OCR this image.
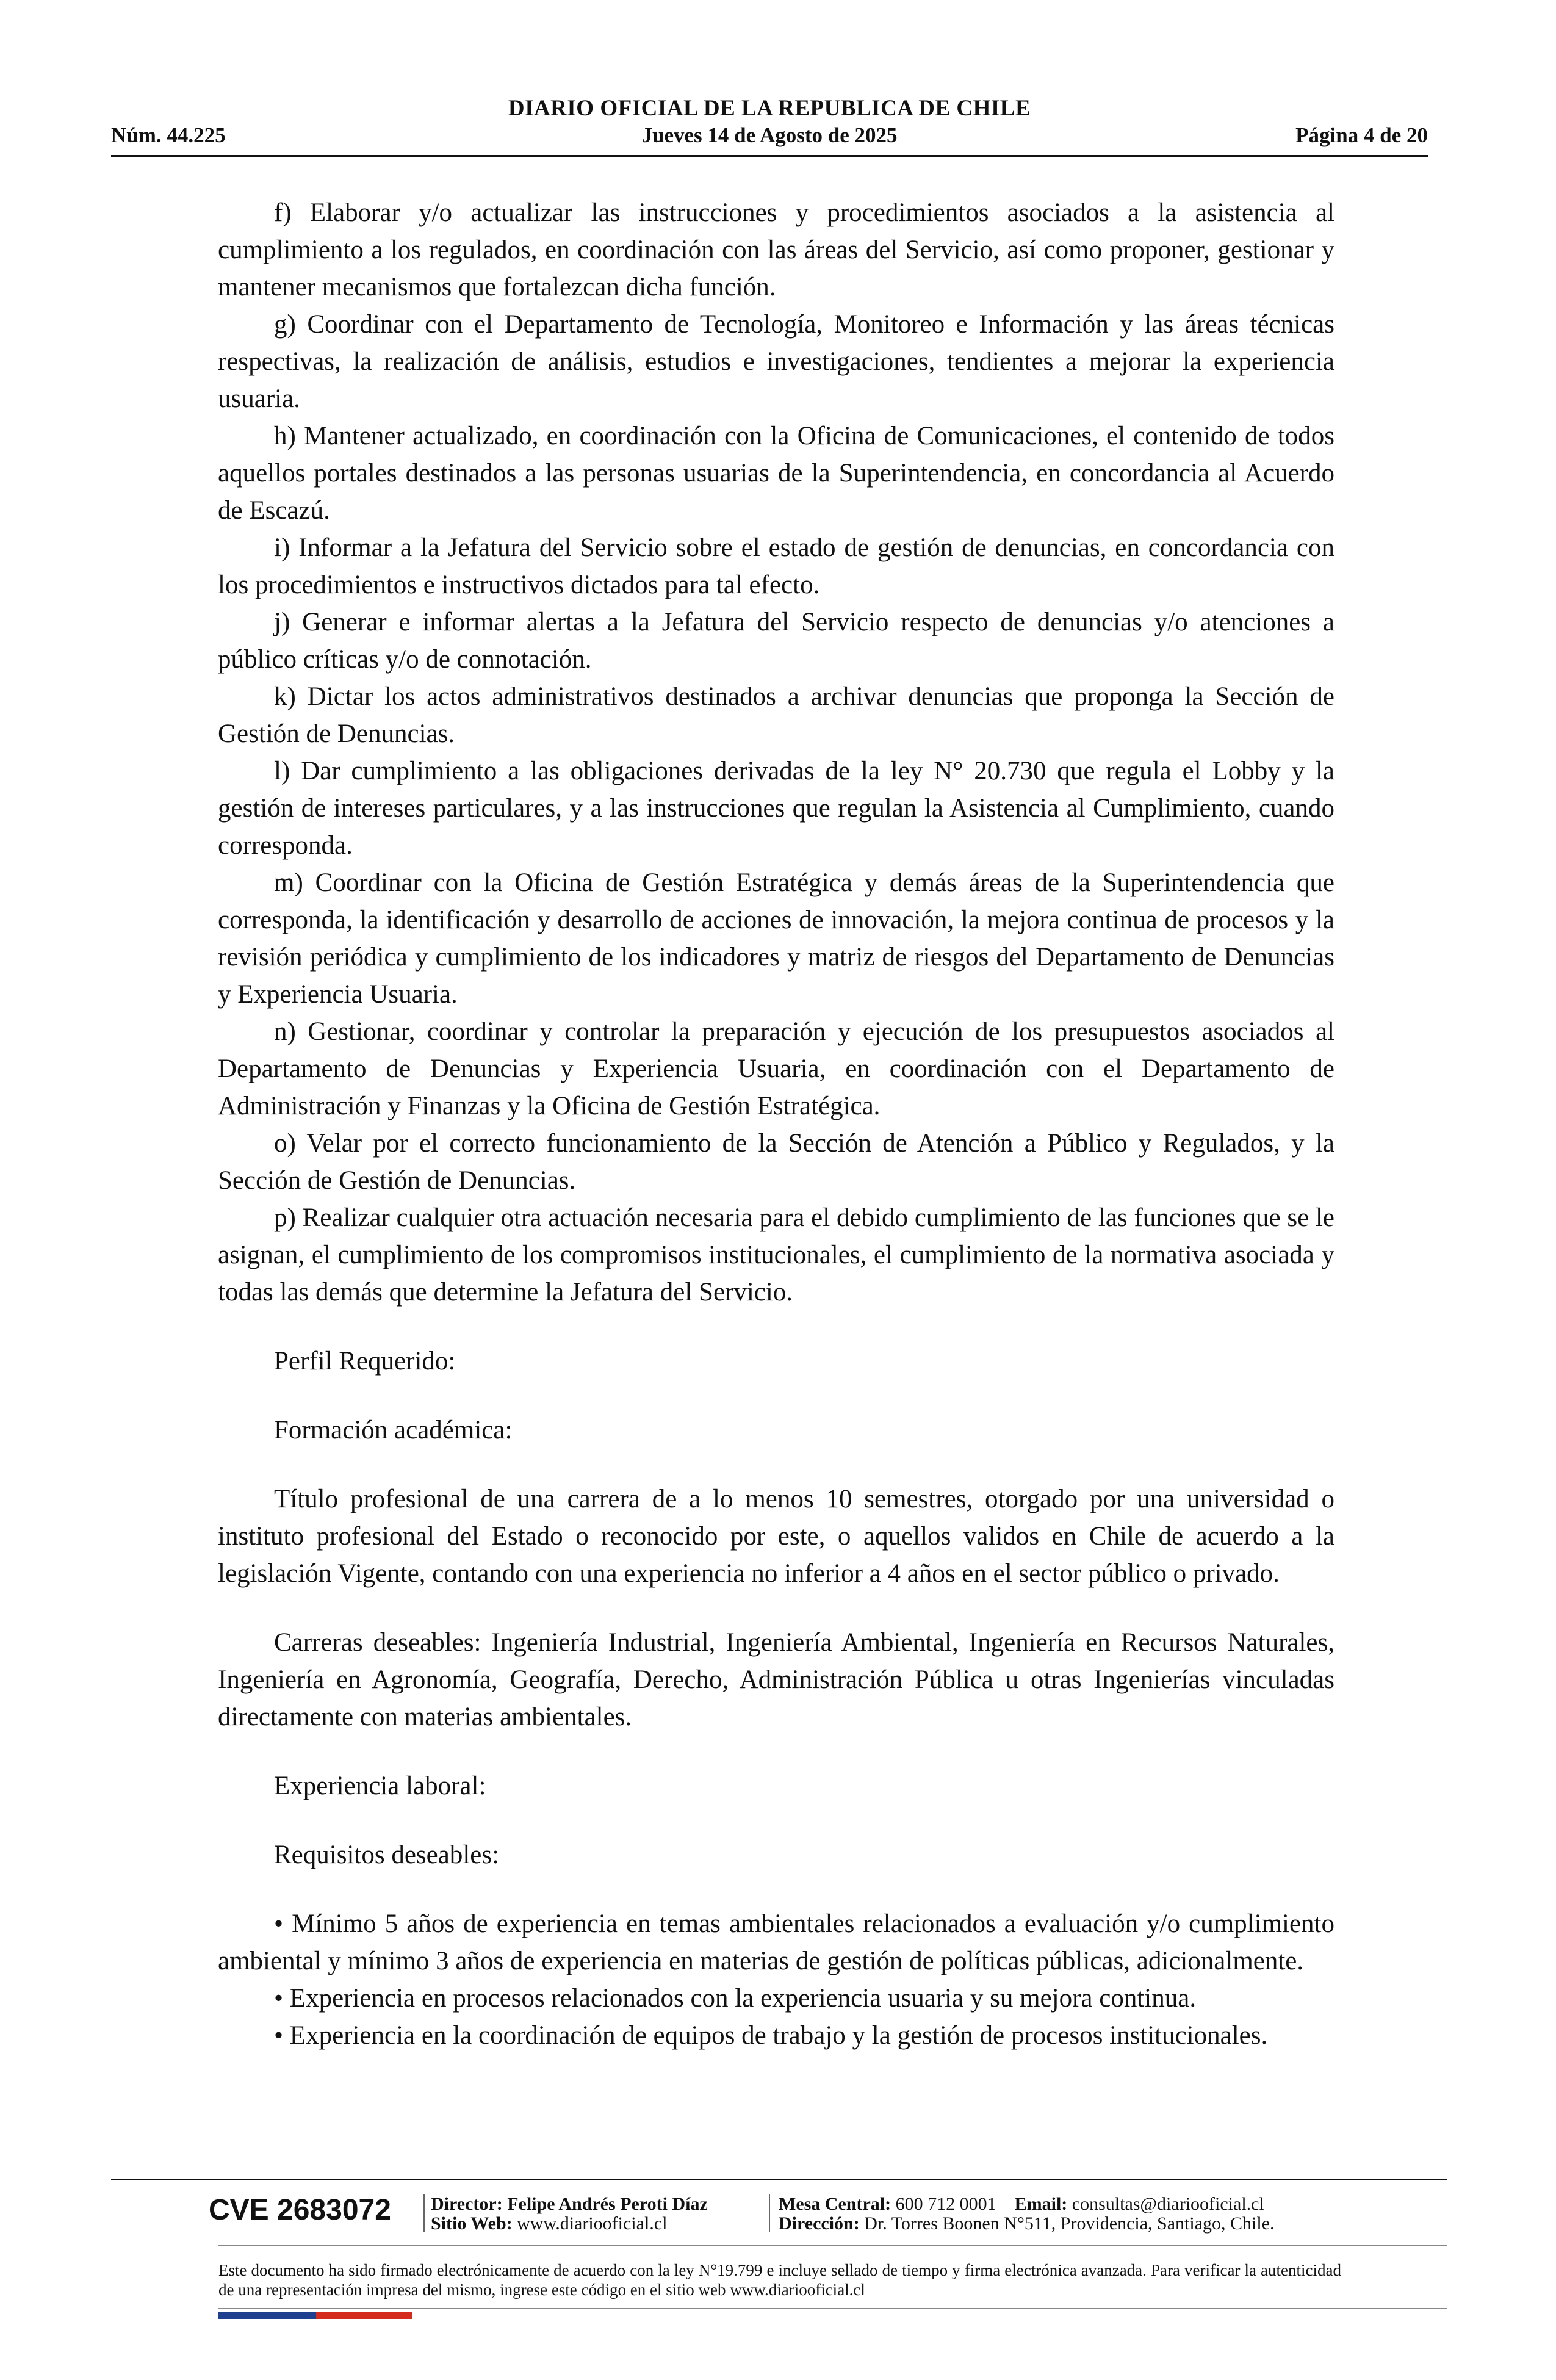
DIARIO OFICIAL DE LA REPUBLICA DE CHILE
Núm. 44.225	Jueves 14 de Agosto de 2025	Página 4 de 20

f) Elaborar y/o actualizar las instrucciones y procedimientos asociados a la asistencia al cumplimiento a los regulados, en coordinación con las áreas del Servicio, así como proponer, gestionar y mantener mecanismos que fortalezcan dicha función.

g) Coordinar con el Departamento de Tecnología, Monitoreo e Información y las áreas técnicas respectivas, la realización de análisis, estudios e investigaciones, tendientes a mejorar la experiencia usuaria.

h) Mantener actualizado, en coordinación con la Oficina de Comunicaciones, el contenido de todos aquellos portales destinados a las personas usuarias de la Superintendencia, en concordancia al Acuerdo de Escazú.

i) Informar a la Jefatura del Servicio sobre el estado de gestión de denuncias, en concordancia con los procedimientos e instructivos dictados para tal efecto.

j) Generar e informar alertas a la Jefatura del Servicio respecto de denuncias y/o atenciones a público críticas y/o de connotación.

k) Dictar los actos administrativos destinados a archivar denuncias que proponga la Sección de Gestión de Denuncias.

l) Dar cumplimiento a las obligaciones derivadas de la ley N° 20.730 que regula el Lobby y la gestión de intereses particulares, y a las instrucciones que regulan la Asistencia al Cumplimiento, cuando corresponda.

m) Coordinar con la Oficina de Gestión Estratégica y demás áreas de la Superintendencia que corresponda, la identificación y desarrollo de acciones de innovación, la mejora continua de procesos y la revisión periódica y cumplimiento de los indicadores y matriz de riesgos del Departamento de Denuncias y Experiencia Usuaria.

n) Gestionar, coordinar y controlar la preparación y ejecución de los presupuestos asociados al Departamento de Denuncias y Experiencia Usuaria, en coordinación con el Departamento de Administración y Finanzas y la Oficina de Gestión Estratégica.

o) Velar por el correcto funcionamiento de la Sección de Atención a Público y Regulados, y la Sección de Gestión de Denuncias.

p) Realizar cualquier otra actuación necesaria para el debido cumplimiento de las funciones que se le asignan, el cumplimiento de los compromisos institucionales, el cumplimiento de la normativa asociada y todas las demás que determine la Jefatura del Servicio.

Perfil Requerido:

Formación académica:

Título profesional de una carrera de a lo menos 10 semestres, otorgado por una universidad o instituto profesional del Estado o reconocido por este, o aquellos validos en Chile de acuerdo a la legislación Vigente, contando con una experiencia no inferior a 4 años en el sector público o privado.

Carreras deseables: Ingeniería Industrial, Ingeniería Ambiental, Ingeniería en Recursos Naturales, Ingeniería en Agronomía, Geografía, Derecho, Administración Pública u otras Ingenierías vinculadas directamente con materias ambientales.

Experiencia laboral:

Requisitos deseables:

• Mínimo 5 años de experiencia en temas ambientales relacionados a evaluación y/o cumplimiento ambiental y mínimo 3 años de experiencia en materias de gestión de políticas públicas, adicionalmente.

• Experiencia en procesos relacionados con la experiencia usuaria y su mejora continua.

• Experiencia en la coordinación de equipos de trabajo y la gestión de procesos institucionales.

CVE 2683072 Director: Felipe Andrés Peroti Díaz
Sitio Web: www.diariooficial.cl
Mesa Central: 600 712 0001 Email: consultas@diariooficial.cl
Dirección: Dr. Torres Boonen N°511, Providencia, Santiago, Chile.
Este documento ha sido firmado electrónicamente de acuerdo con la ley N°19.799 e incluye sellado de tiempo y firma electrónica avanzada. Para verificar la autenticidad de una representación impresa del mismo, ingrese este código en el sitio web www.diariooficial.cl
